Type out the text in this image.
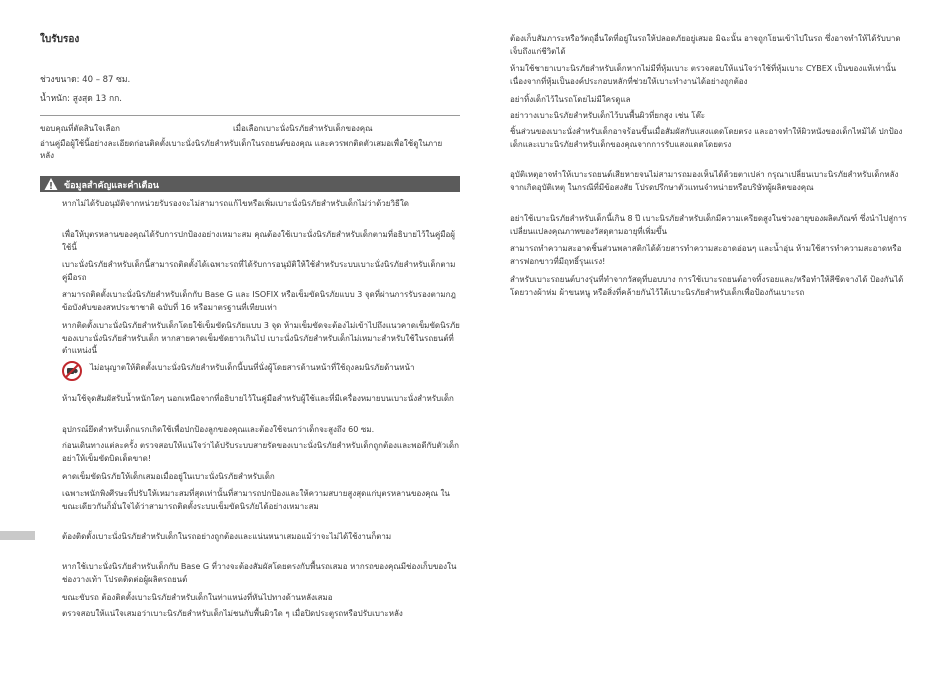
ใบรับรอง
ช่วงขนาด: 40 – 87 ซม.
น้ำหนัก: สูงสุด 13 กก.
ขอบคุณที่ตัดสินใจเลือก	เมื่อเลือกเบาะนั่งนิรภัยสำหรับเด็กของคุณ
อ่านคู่มือผู้ใช้นี้อย่างละเอียดก่อนติดตั้งเบาะนั่งนิรภัยสำหรับเด็กในรถยนต์ของคุณ และควรพกติดตัวเสมอเพื่อใช้ดูในภายหลัง
ข้อมูลสำคัญและคำเตือน

หากไม่ได้รับอนุมัติจากหน่วยรับรองจะไม่สามารถแก้ไขหรือเพิ่มเบาะนั่งนิรภัยสำหรับเด็กไม่ว่าด้วยวิธีใด

เพื่อให้บุตรหลานของคุณได้รับการปกป้องอย่างเหมาะสม คุณต้องใช้เบาะนั่งนิรภัยสำหรับเด็กตามที่อธิบายไว้ในคู่มือผู้ใช้นี้

เบาะนั่งนิรภัยสำหรับเด็กนี้สามารถติดตั้งได้เฉพาะรถที่ได้รับการอนุมัติให้ใช้สำหรับระบบเบาะนั่งนิรภัยสำหรับเด็กตามคู่มือรถ

สามารถติดตั้งเบาะนั่งนิรภัยสำหรับเด็กกับ Base G และ ISOFIX หรือเข็มขัดนิรภัยแบบ 3 จุดที่ผ่านการรับรองตามกฎข้อบังคับของสหประชาชาติ ฉบับที่ 16 หรือมาตรฐานที่เทียบเท่า

หากติดตั้งเบาะนั่งนิรภัยสำหรับเด็กโดยใช้เข็มขัดนิรภัยแบบ 3 จุด ห้ามเข็มขัดจะต้องไม่เข้าไปถึงแนวคาดเข็มขัดนิรภัยของเบาะนั่งนิรภัยสำหรับเด็ก หากสายคาดเข็มขัดยาวเกินไป เบาะนั่งนิรภัยสำหรับเด็กไม่เหมาะสำหรับใช้ในรถยนต์ที่ตำแหน่งนี้

ไม่อนุญาตให้ติดตั้งเบาะนั่งนิรภัยสำหรับเด็กนี้บนที่นั่งผู้โดยสารด้านหน้าที่ใช้ถุงลมนิรภัยด้านหน้า

ห้ามใช้จุดสัมผัสรับน้ำหนักใดๆ นอกเหนือจากที่อธิบายไว้ในคู่มือสำหรับผู้ใช้และที่มีเครื่องหมายบนเบาะนั่งสำหรับเด็ก

อุปกรณ์ยึดสำหรับเด็กแรกเกิดใช้เพื่อปกป้องลูกของคุณและต้องใช้จนกว่าเด็กจะสูงถึง 60 ซม.

ก่อนเดินทางแต่ละครั้ง ตรวจสอบให้แน่ใจว่าได้ปรับระบบสายรัดของเบาะนั่งนิรภัยสำหรับเด็กถูกต้องและพอดีกับตัวเด็ก อย่าให้เข็มขัดบิดเด็ดขาด!

คาดเข็มขัดนิรภัยให้เด็กเสมอเมื่ออยู่ในเบาะนั่งนิรภัยสำหรับเด็ก

เฉพาะพนักพิงศีรษะที่ปรับให้เหมาะสมที่สุดเท่านั้นที่สามารถปกป้องและให้ความสบายสูงสุดแก่บุตรหลานของคุณ ในขณะเดียวกันก็มั่นใจได้ว่าสามารถติดตั้งระบบเข็มขัดนิรภัยได้อย่างเหมาะสม

ต้องติดตั้งเบาะนั่งนิรภัยสำหรับเด็กในรถอย่างถูกต้องและแน่นหนาเสมอแม้ว่าจะไม่ได้ใช้งานก็ตาม

หากใช้เบาะนั่งนิรภัยสำหรับเด็กกับ Base G ที่วางจะต้องสัมผัสโดยตรงกับพื้นรถเสมอ หากรถของคุณมีช่องเก็บของในช่องวางเท้า โปรดติดต่อผู้ผลิตรถยนต์

ขณะขับรถ ต้องติดตั้งเบาะนิรภัยสำหรับเด็กในท่าแหน่งที่หันไปทางด้านหลังเสมอ

ตรวจสอบให้แน่ใจเสมอว่าเบาะนิรภัยสำหรับเด็กไม่ชนกับพื้นผิวใด ๆ เมื่อปิดประตูรถหรือปรับเบาะหลัง

ต้องเก็บสัมภาระหรือวัตถุอื่นใดที่อยู่ในรถให้ปลอดภัยอยู่เสมอ มิฉะนั้น อาจถูกโยนเข้าไปในรถ ซึ่งอาจทำให้ได้รับบาดเจ็บถึงแก่ชีวิตได้

ห้ามใช้ชายาเบาะนิรภัยสำหรับเด็กหากไม่มีที่หุ้มเบาะ ตรวจสอบให้แน่ใจว่าใช้ที่หุ้มเบาะ CYBEX เป็นของแท้เท่านั้น เนื่องจากที่หุ้มเป็นองค์ประกอบหลักที่ช่วยให้เบาะทำงานได้อย่างถูกต้อง

อย่าทิ้งเด็กไว้ในรถโดยไม่มีใครดูแล

อย่าวางเบาะนิรภัยสำหรับเด็กไว้บนพื้นผิวที่ยกสูง เช่น โต๊ะ

ชิ้นส่วนของเบาะนั่งสำหรับเด็กอาจร้อนขึ้นเมื่อสัมผัสกับแสงแดดโดยตรง และอาจทำให้ผิวหนังของเด็กไหม้ได้ ปกป้องเด็กและเบาะนิรภัยสำหรับเด็กของคุณจากการรับแสงแดดโดยตรง

อุบัติเหตุอาจทำให้เบาะรถยนต์เสียหายจนไม่สามารถมองเห็นได้ด้วยตาเปล่า กรุณาเปลี่ยนเบาะนิรภัยสำหรับเด็กหลังจากเกิดอุบัติเหตุ ในกรณีที่มีข้อสงสัย โปรดปรึกษาตัวแทนจำหน่ายหรือบริษัทผู้ผลิตของคุณ

อย่าใช้เบาะนิรภัยสำหรับเด็กนี้เกิน 8 ปี เบาะนิรภัยสำหรับเด็กมีความเครียดสูงในช่วงอายุของผลิตภัณฑ์ ซึ่งนำไปสู่การเปลี่ยนแปลงคุณภาพของวัสดุตามอายุที่เพิ่มขึ้น

สามารถทำความสะอาดชิ้นส่วนพลาสติกได้ด้วยสารทำความสะอาดอ่อนๆ และน้ำอุ่น ห้ามใช้สารทำความสะอาดหรือสารฟอกขาวที่มีฤทธิ์รุนแรง!

สำหรับเบาะรถยนต์บางรุ่นที่ทำจากวัสดุที่บอบบาง การใช้เบาะรถยนต์อาจทิ้งรอยและ/หรือทำให้สีซีดจางได้ ป้องกันได้โดยวางผ้าห่ม ผ้าขนหนู หรือสิ่งที่คล้ายกันไว้ใต้เบาะนิรภัยสำหรับเด็กเพื่อป้องกันเบาะรถ
